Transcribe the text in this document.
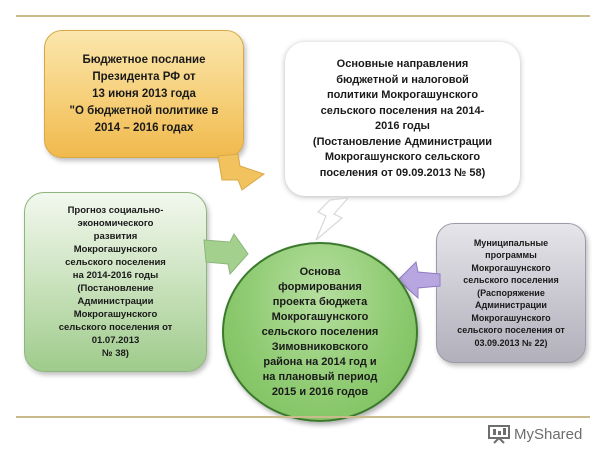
Бюджетное послание
Президента РФ от
13 июня 2013 года
"О бюджетной политике в
2014 – 2016 годах
Основные направления
бюджетной и налоговой
политики Мокрогашунского
сельского поселения на 2014-
2016 годы
(Постановление Администрации
Мокрогашунского сельского
поселения от 09.09.2013 № 58)
Прогноз социально-
экономического
развития
Мокрогашунского
сельского поселения
на 2014-2016 годы
(Постановление
Администрации
Мокрогашунского
сельского поселения от
01.07.2013
№ 38)
Муниципальные
программы
Мокрогашунского
сельского поселения
(Распоряжение
Администрации
Мокрогашунского
сельского поселения от
03.09.2013 № 22)
Основа
формирования
проекта бюджета
Мокрогашунского
сельского поселения
Зимовниковского
района на 2014 год и
на плановый период
2015 и 2016 годов
MyShared
